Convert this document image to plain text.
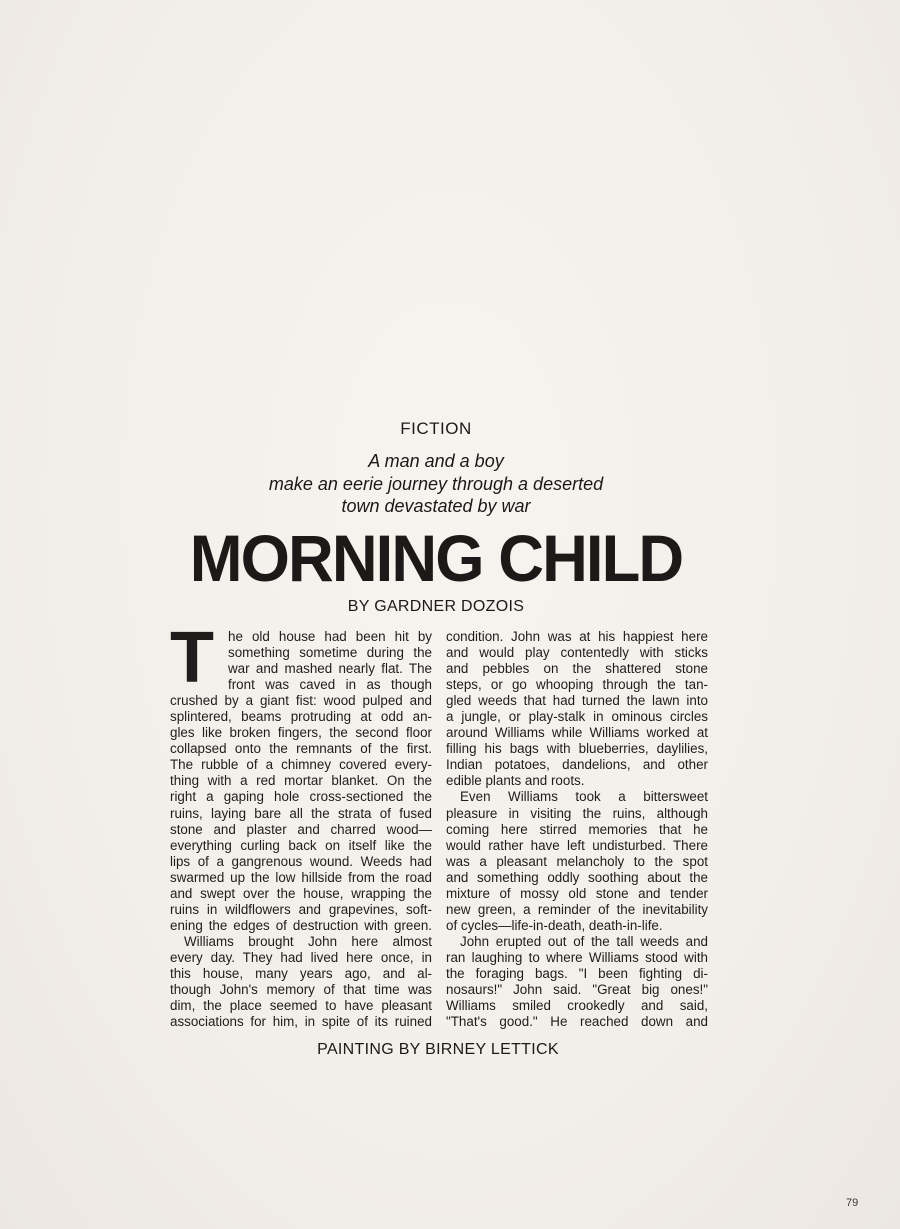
FICTION
A man and a boy
make an eerie journey through a deserted
town devastated by war
MORNING CHILD
BY GARDNER DOZOIS
T	he old house had been hit by
something sometime during the
war and mashed nearly flat. The
front was caved in as though
crushed by a giant fist: wood pulped and
splintered, beams protruding at odd an-
gles like broken fingers, the second floor
collapsed onto the remnants of the first.
The rubble of a chimney covered every-
thing with a red mortar blanket. On the
right a gaping hole cross-sectioned the
ruins, laying bare all the strata of fused
stone and plaster and charred wood—
everything curling back on itself like the
lips of a gangrenous wound. Weeds had
swarmed up the low hillside from the road
and swept over the house, wrapping the
ruins in wildflowers and grapevines, soft-
ening the edges of destruction with green.
Williams brought John here almost
every day. They had lived here once, in
this house, many years ago, and al-
though John's memory of that time was
dim, the place seemed to have pleasant
associations for him, in spite of its ruined
condition. John was at his happiest here
and would play contentedly with sticks
and pebbles on the shattered stone
steps, or go whooping through the tan-
gled weeds that had turned the lawn into
a jungle, or play-stalk in ominous circles
around Williams while Williams worked at
filling his bags with blueberries, daylilies,
Indian potatoes, dandelions, and other
edible plants and roots.
Even Williams took a bittersweet
pleasure in visiting the ruins, although
coming here stirred memories that he
would rather have left undisturbed. There
was a pleasant melancholy to the spot
and something oddly soothing about the
mixture of mossy old stone and tender
new green, a reminder of the inevitability
of cycles—life-in-death, death-in-life.
John erupted out of the tall weeds and
ran laughing to where Williams stood with
the foraging bags. "I been fighting di-
nosaurs!" John said. "Great big ones!"
Williams smiled crookedly and said,
"That's good." He reached down and
PAINTING BY BIRNEY LETTICK
79
